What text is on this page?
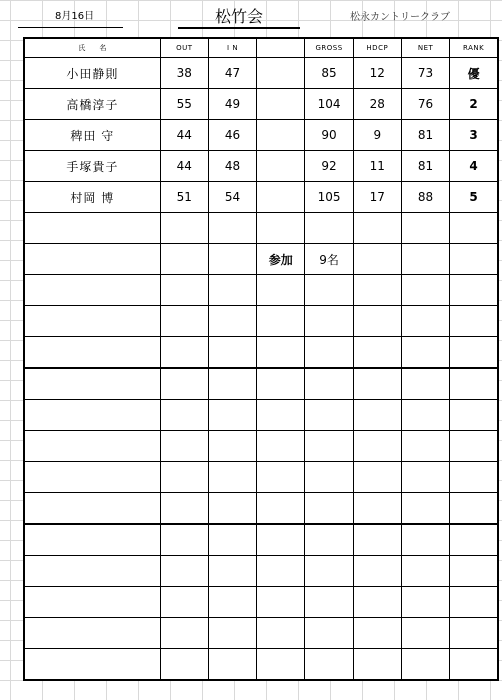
8月16日	松竹会	松永カントリークラブ
氏名	OUT	I N		GROSS	HDCP	NET	RANK
小田静則	38	47		85	12	73	優
高橋淳子	55	49		104	28	76	2
稗田 守	44	46		90	9	81	3
手塚貴子	44	48		92	11	81	4
村岡 博	51	54		105	17	88	5

			参加	9名			
